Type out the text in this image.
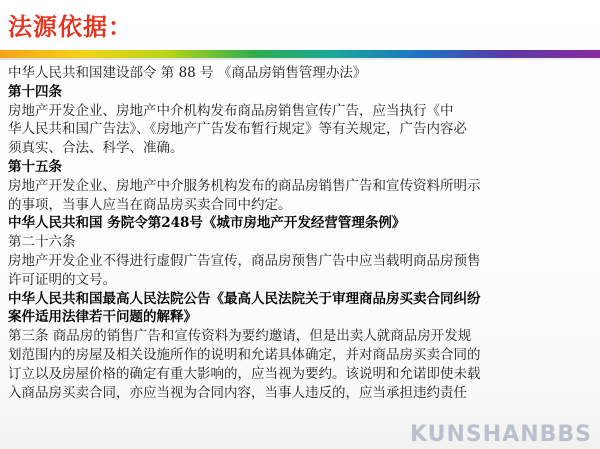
法源依据：

中华人民共和国建设部令 第 88 号 《商品房销售管理办法》

第十四条

房地产开发企业、房地产中介机构发布商品房销售宣传广告，应当执行《中

华人民共和国广告法》、《房地产广告发布暂行规定》等有关规定，广告内容必

须真实、合法、科学、准确。

第十五条

房地产开发企业、房地产中介服务机构发布的商品房销售广告和宣传资料所明示

的事项，当事人应当在商品房买卖合同中约定。

中华人民共和国 务院令第248号《城市房地产开发经营管理条例》

第二十六条

房地产开发企业不得进行虚假广告宣传，商品房预售广告中应当载明商品房预售

许可证明的文号。

中华人民共和国最高人民法院公告《最高人民法院关于审理商品房买卖合同纠纷

案件适用法律若干问题的解释》

第三条 商品房的销售广告和宣传资料为要约邀请，但是出卖人就商品房开发规

划范围内的房屋及相关设施所作的说明和允诺具体确定，并对商品房买卖合同的

订立以及房屋价格的确定有重大影响的，应当视为要约。该说明和允诺即使未载

入商品房买卖合同，亦应当视为合同内容，当事人违反的，应当承担违约责任

KUNSHANBBS
